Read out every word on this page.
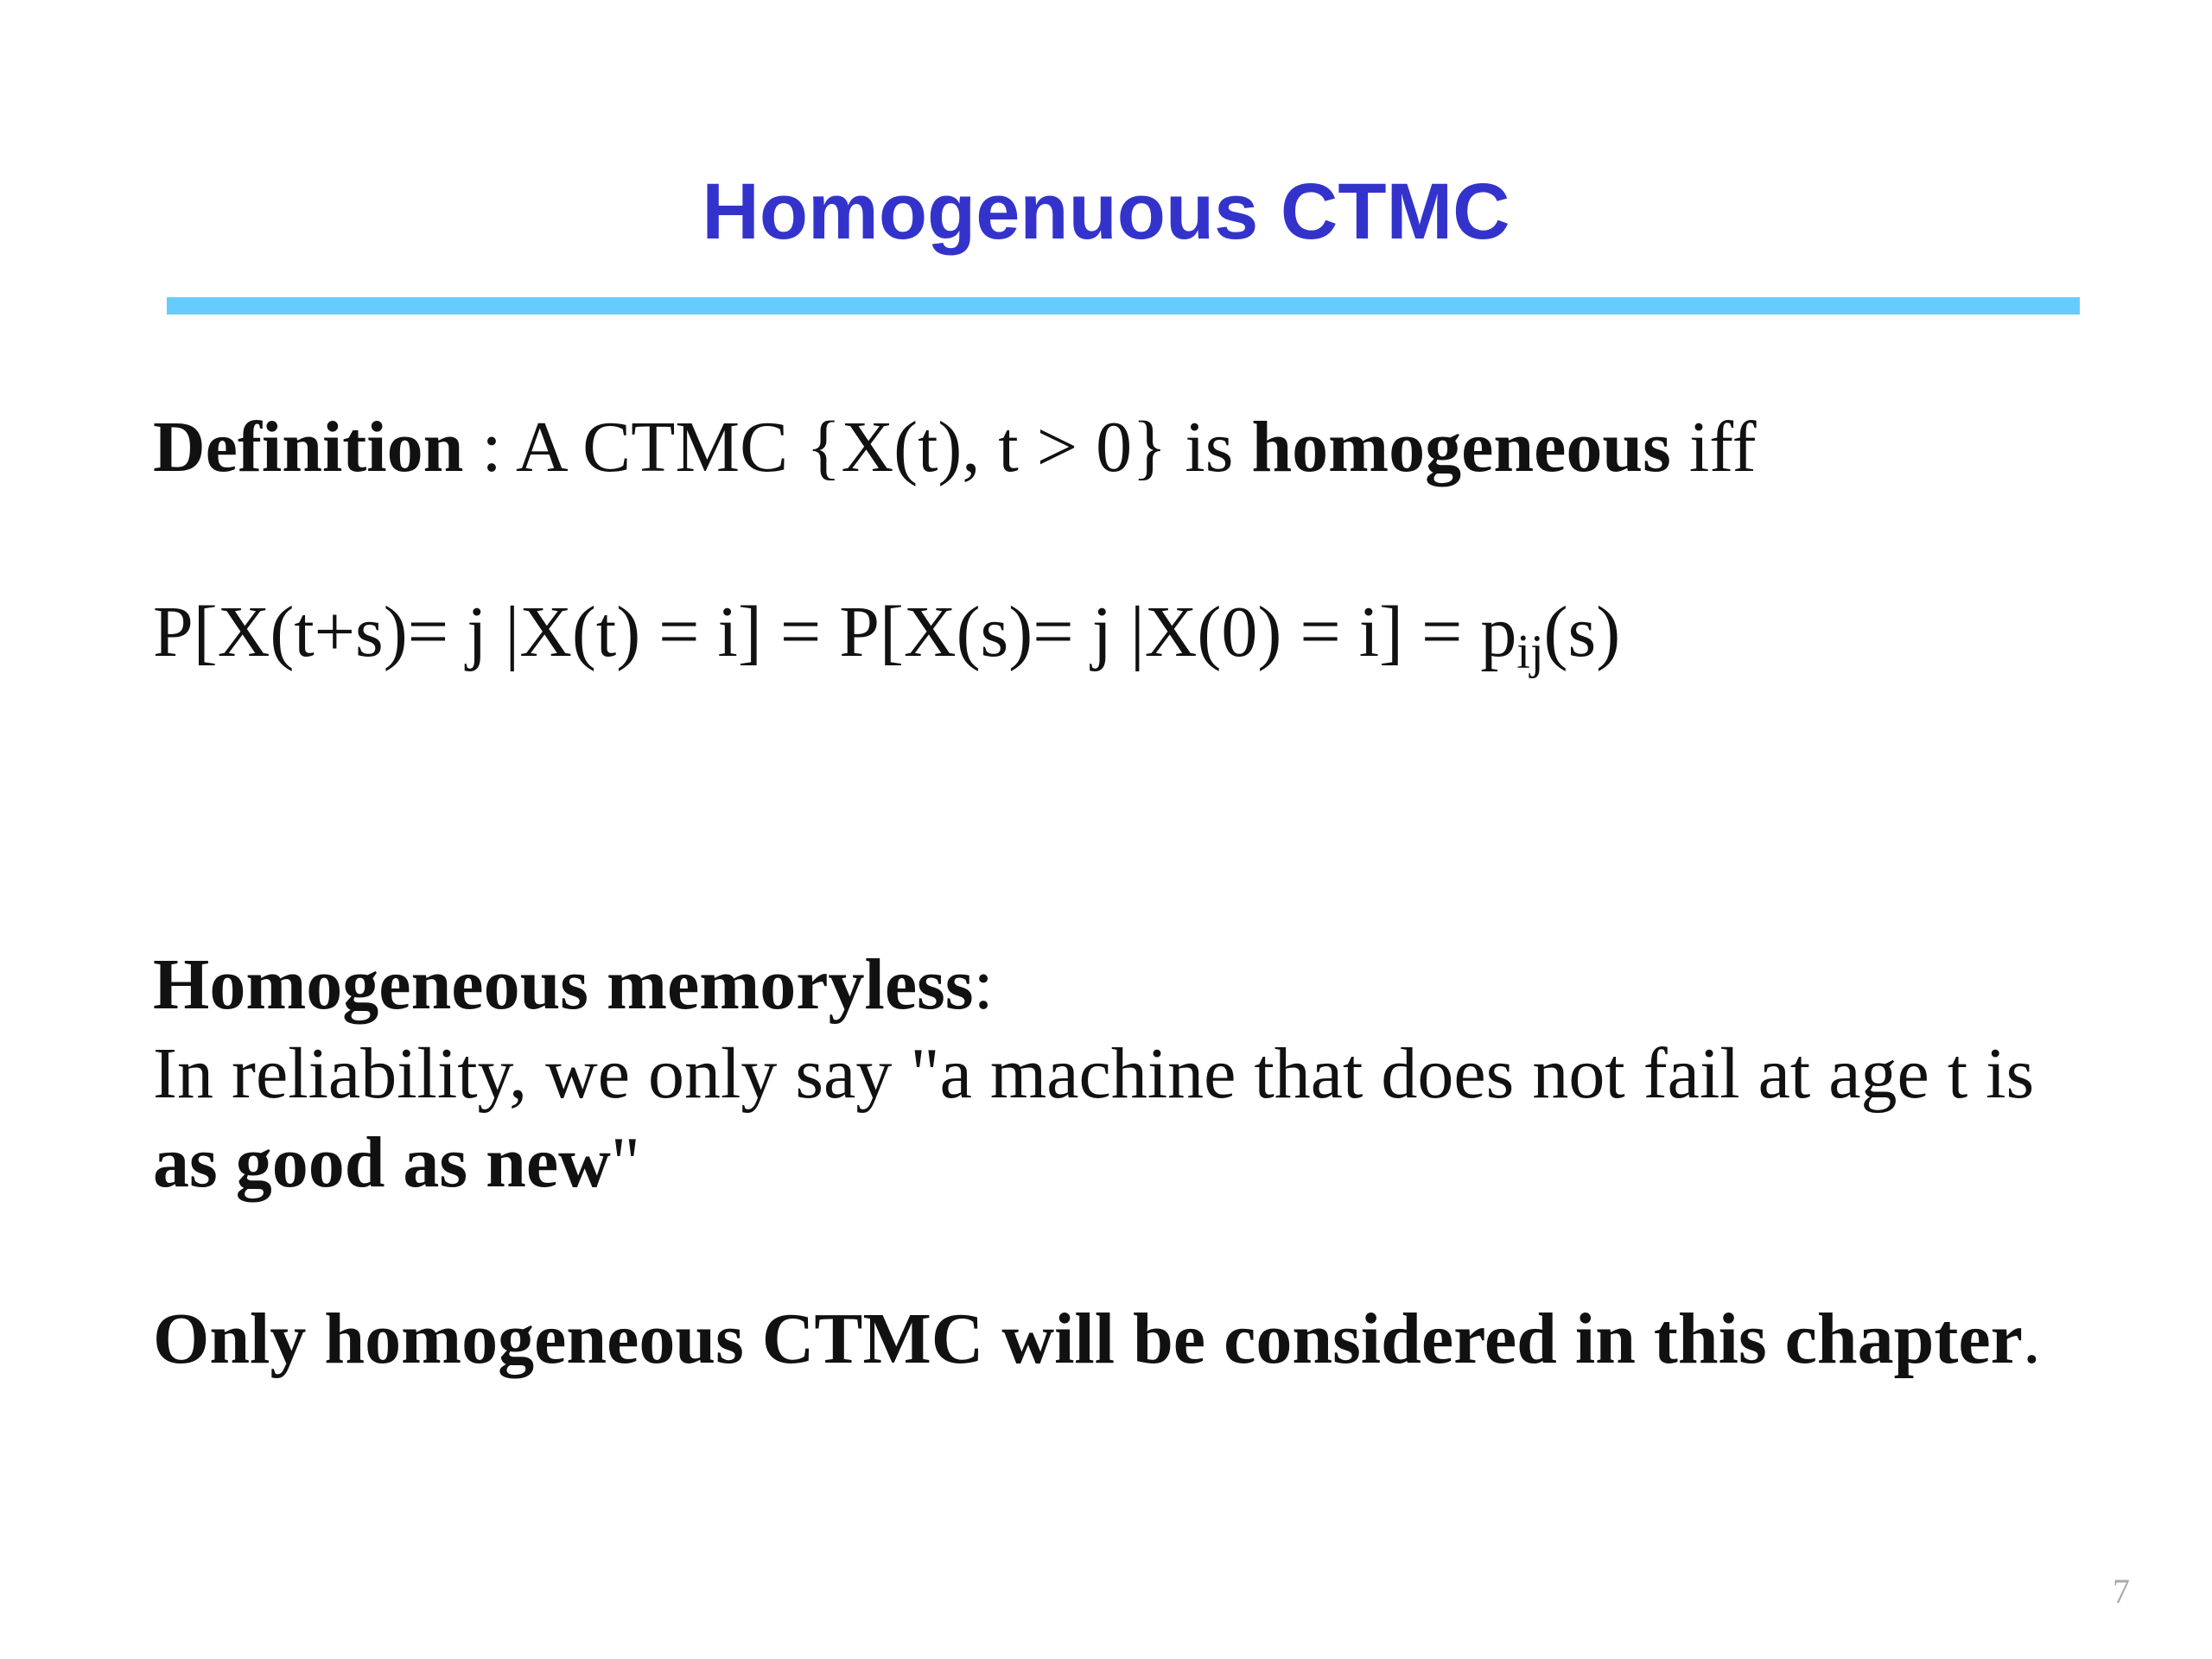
Homogenuous CTMC

Definition : A CTMC {X(t), t > 0} is homogeneous iff

P[X(t+s)= j |X(t) = i] = P[X(s)= j $|X(0) = i] = p_{ij}(s)$

Homogeneous memoryless:

In reliability, we only say "a machine that does not fail at age t is

as good as new"

Only homogeneous CTMC will be considered in this chapter.

7
